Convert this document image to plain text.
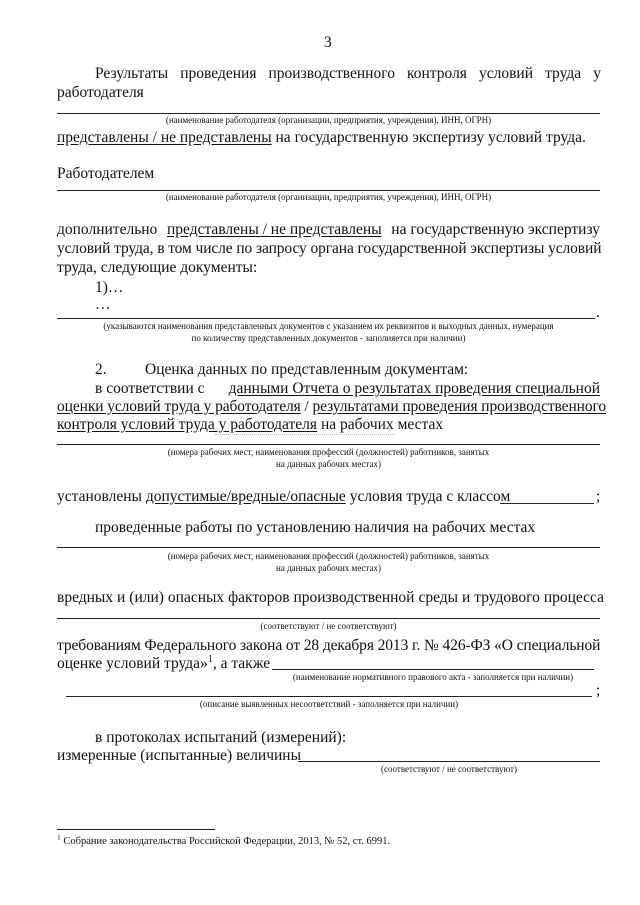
3
Результаты проведения производственного контроля условий труда у
работодателя
(наименование работодателя (организации, предприятия, учреждения), ИНН, ОГРН)
представлены / не представлены на государственную экспертизу условий труда.
Работодателем
(наименование работодателя (организации, предприятия, учреждения), ИНН, ОГРН)
дополнительно представлены / не представлены на государственную экспертизу
условий труда, в том числе по запросу органа государственной экспертизы условий
труда, следующие документы:
1)…
…	.
(указываются наименования представленных документов с указанием их реквизитов и выходных данных, нумерация
по количеству представленных документов - заполняется при наличии)
2. Оценка данных по представленным документам:
в соответствии с данными Отчета о результатах проведения специальной
оценки условий труда у работодателя / результатами проведения производственного
контроля условий труда у работодателя на рабочих местах
(номера рабочих мест, наименования профессий (должностей) работников, занятых
на данных рабочих местах)
установлены допустимые/вредные/опасные условия труда с классом	;
проведенные работы по установлению наличия на рабочих местах
(номера рабочих мест, наименования профессий (должностей) работников, занятых
на данных рабочих местах)
вредных и (или) опасных факторов производственной среды и трудового процесса
(соответствуют / не соответствуют)
требованиям Федерального закона от 28 декабря 2013 г. № 426-ФЗ «О специальной
оценке условий труда»$^1$, а также
(наименование нормативного правового акта - заполняется при наличии)
;
(описание выявленных несоответствий - заполняется при наличии)
в протоколах испытаний (измерений):
измеренные (испытанные) величины
(соответствуют / не соответствуют)
$^1$ Собрание законодательства Российской Федерации, 2013, № 52, ст. 6991.
